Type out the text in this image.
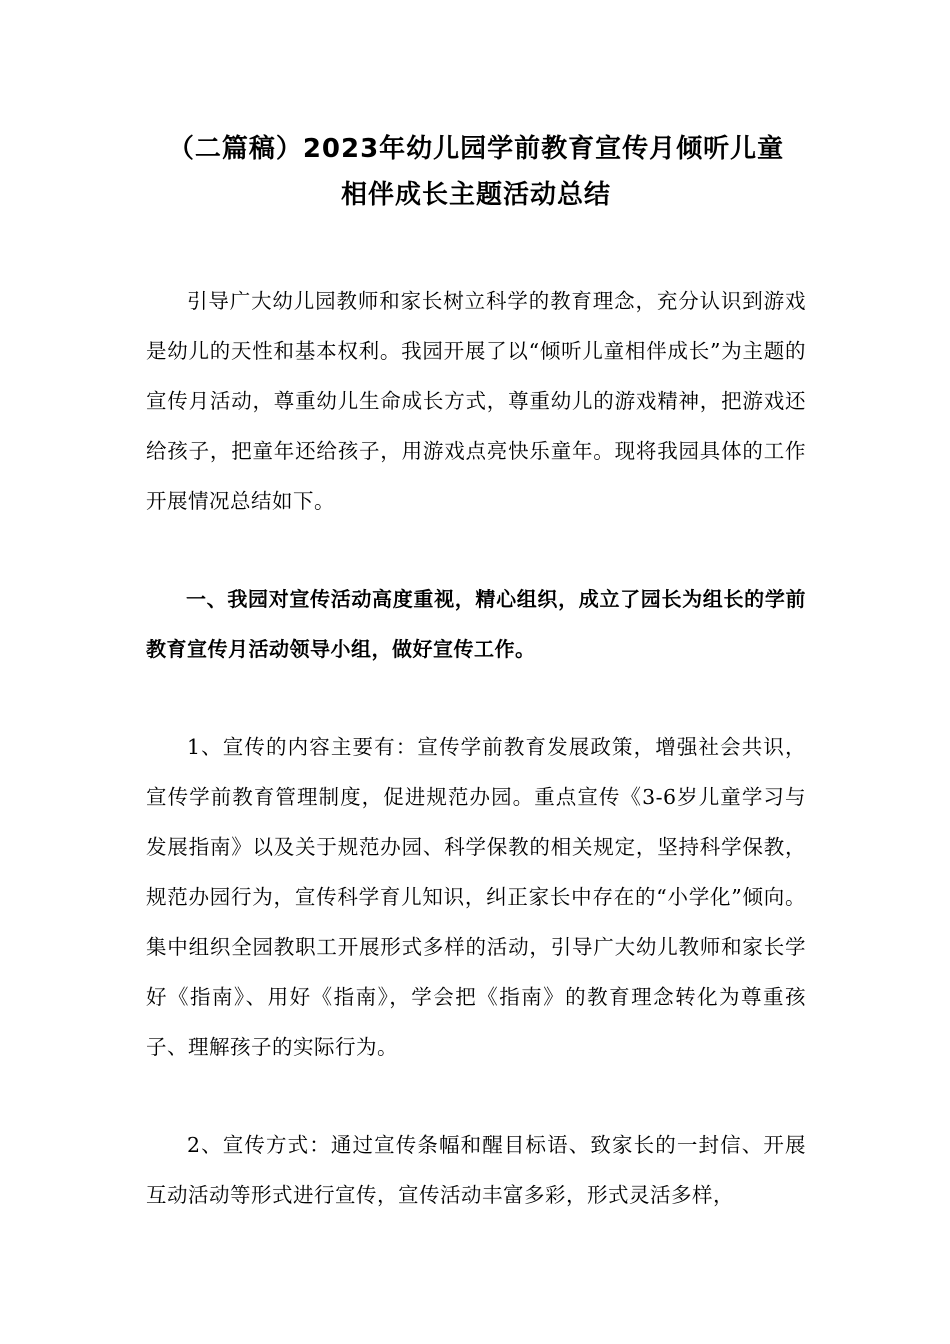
（二篇稿）2023年幼儿园学前教育宣传月倾听儿童
相伴成长主题活动总结

引导广大幼儿园教师和家长树立科学的教育理念，充分认识到游戏是幼儿的天性和基本权利。我园开展了以“倾听儿童相伴成长”为主题的宣传月活动，尊重幼儿生命成长方式，尊重幼儿的游戏精神，把游戏还给孩子，把童年还给孩子，用游戏点亮快乐童年。现将我园具体的工作开展情况总结如下。

一、我园对宣传活动高度重视，精心组织，成立了园长为组长的学前教育宣传月活动领导小组，做好宣传工作。

1、宣传的内容主要有：宣传学前教育发展政策，增强社会共识，宣传学前教育管理制度，促进规范办园。重点宣传《3-6岁儿童学习与发展指南》以及关于规范办园、科学保教的相关规定，坚持科学保教，规范办园行为，宣传科学育儿知识，纠正家长中存在的“小学化”倾向。集中组织全园教职工开展形式多样的活动，引导广大幼儿教师和家长学好《指南》、用好《指南》，学会把《指南》的教育理念转化为尊重孩子、理解孩子的实际行为。

2、宣传方式：通过宣传条幅和醒目标语、致家长的一封信、开展互动活动等形式进行宣传，宣传活动丰富多彩，形式灵活多样，
